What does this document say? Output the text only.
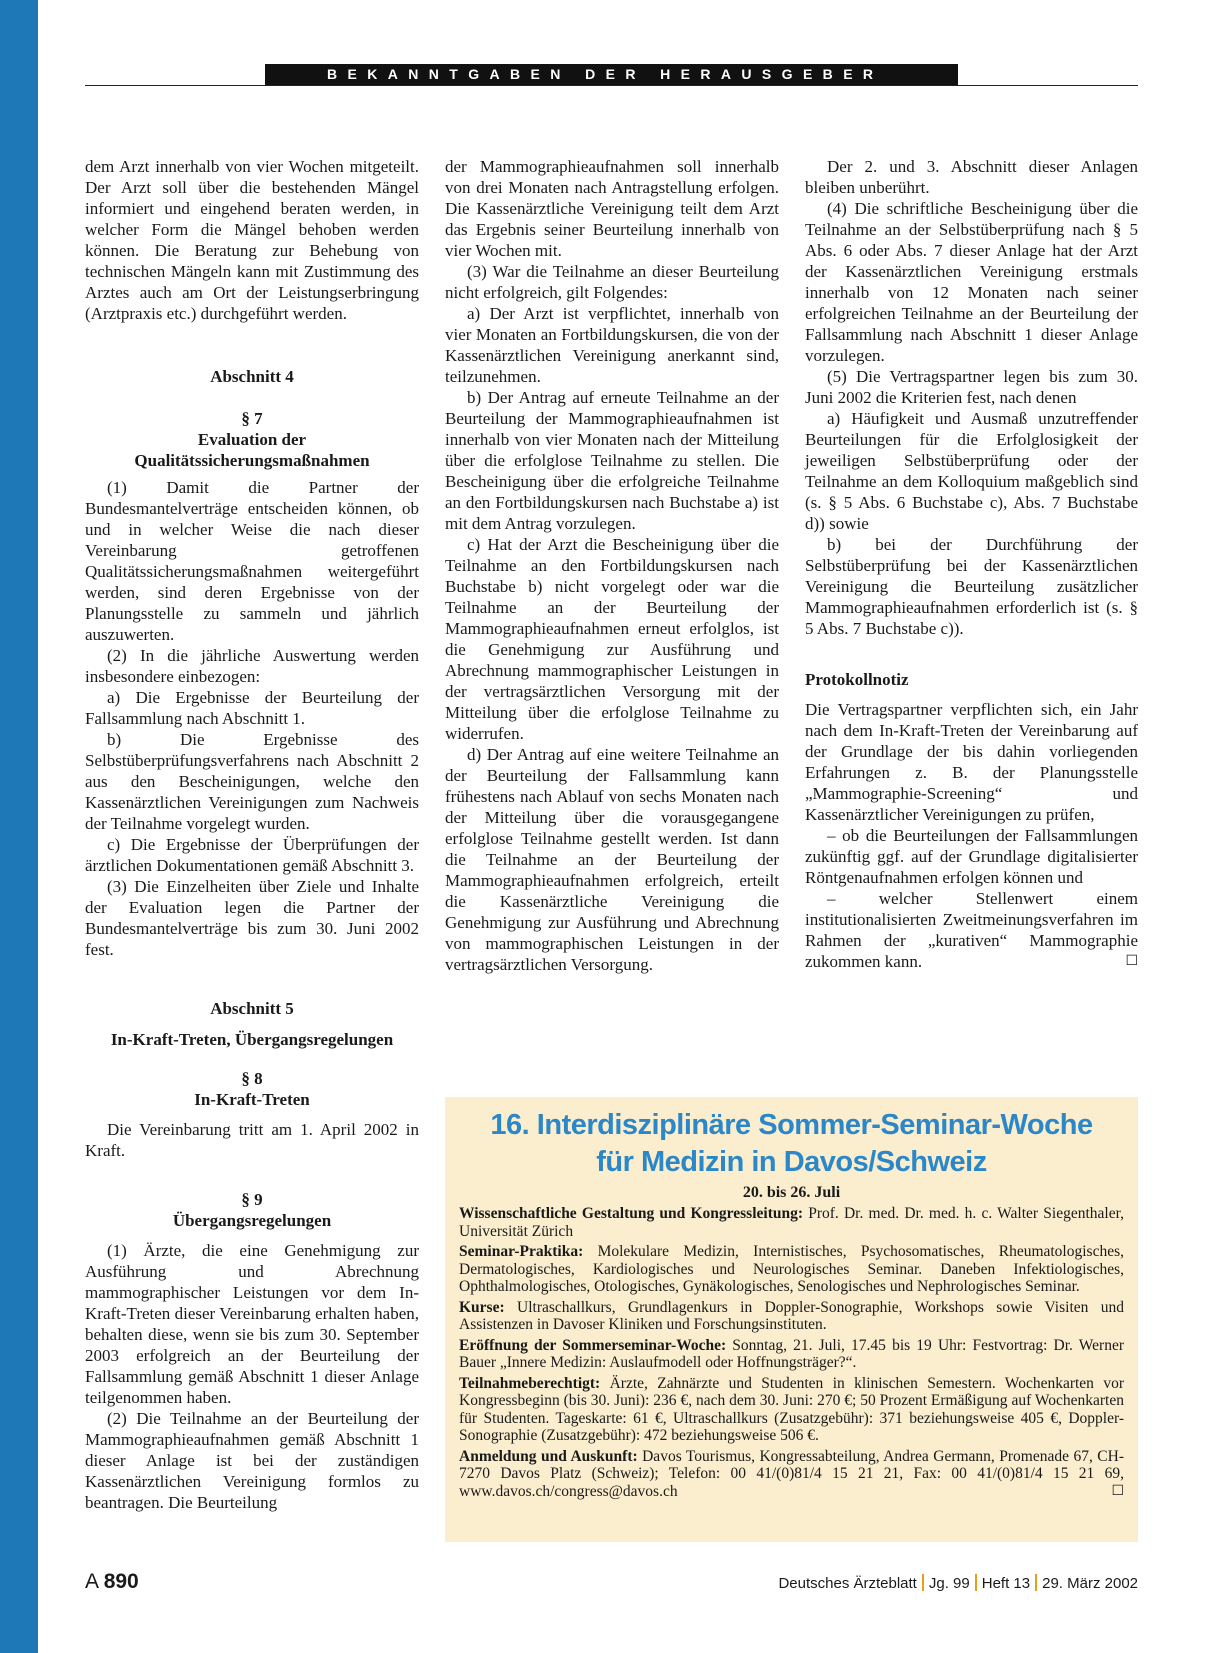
BEKANNTGABEN DER HERAUSGEBER

dem Arzt innerhalb von vier Wochen mitgeteilt. Der Arzt soll über die bestehenden Mängel informiert und eingehend beraten werden, in welcher Form die Mängel behoben werden können. Die Beratung zur Behebung von technischen Mängeln kann mit Zustimmung des Arztes auch am Ort der Leistungserbringung (Arztpraxis etc.) durchgeführt werden.

Abschnitt 4

§ 7

Evaluation der Qualitätssicherungsmaßnahmen

(1) Damit die Partner der Bundesmantelverträge entscheiden können, ob und in welcher Weise die nach dieser Vereinbarung getroffenen Qualitätssicherungsmaßnahmen weitergeführt werden, sind deren Ergebnisse von der Planungsstelle zu sammeln und jährlich auszuwerten.

(2) In die jährliche Auswertung werden insbesondere einbezogen:

a) Die Ergebnisse der Beurteilung der Fallsammlung nach Abschnitt 1.

b) Die Ergebnisse des Selbstüberprüfungsverfahrens nach Abschnitt 2 aus den Bescheinigungen, welche den Kassenärztlichen Vereinigungen zum Nachweis der Teilnahme vorgelegt wurden.

c) Die Ergebnisse der Überprüfungen der ärztlichen Dokumentationen gemäß Abschnitt 3.

(3) Die Einzelheiten über Ziele und Inhalte der Evaluation legen die Partner der Bundesmantelverträge bis zum 30. Juni 2002 fest.

Abschnitt 5

In-Kraft-Treten, Übergangsregelungen

§ 8

In-Kraft-Treten

Die Vereinbarung tritt am 1. April 2002 in Kraft.

§ 9

Übergangsregelungen

(1) Ärzte, die eine Genehmigung zur Ausführung und Abrechnung mammographischer Leistungen vor dem In-Kraft-Treten dieser Vereinbarung erhalten haben, behalten diese, wenn sie bis zum 30. September 2003 erfolgreich an der Beurteilung der Fallsammlung gemäß Abschnitt 1 dieser Anlage teilgenommen haben.

(2) Die Teilnahme an der Beurteilung der Mammographieaufnahmen gemäß Abschnitt 1 dieser Anlage ist bei der zuständigen Kassenärztlichen Vereinigung formlos zu beantragen. Die Beurteilung

der Mammographieaufnahmen soll innerhalb von drei Monaten nach Antragstellung erfolgen. Die Kassenärztliche Vereinigung teilt dem Arzt das Ergebnis seiner Beurteilung innerhalb von vier Wochen mit.

(3) War die Teilnahme an dieser Beurteilung nicht erfolgreich, gilt Folgendes:

a) Der Arzt ist verpflichtet, innerhalb von vier Monaten an Fortbildungskursen, die von der Kassenärztlichen Vereinigung anerkannt sind, teilzunehmen.

b) Der Antrag auf erneute Teilnahme an der Beurteilung der Mammographieaufnahmen ist innerhalb von vier Monaten nach der Mitteilung über die erfolglose Teilnahme zu stellen. Die Bescheinigung über die erfolgreiche Teilnahme an den Fortbildungskursen nach Buchstabe a) ist mit dem Antrag vorzulegen.

c) Hat der Arzt die Bescheinigung über die Teilnahme an den Fortbildungskursen nach Buchstabe b) nicht vorgelegt oder war die Teilnahme an der Beurteilung der Mammographieaufnahmen erneut erfolglos, ist die Genehmigung zur Ausführung und Abrechnung mammographischer Leistungen in der vertragsärztlichen Versorgung mit der Mitteilung über die erfolglose Teilnahme zu widerrufen.

d) Der Antrag auf eine weitere Teilnahme an der Beurteilung der Fallsammlung kann frühestens nach Ablauf von sechs Monaten nach der Mitteilung über die vorausgegangene erfolglose Teilnahme gestellt werden. Ist dann die Teilnahme an der Beurteilung der Mammographieaufnahmen erfolgreich, erteilt die Kassenärztliche Vereinigung die Genehmigung zur Ausführung und Abrechnung von mammographischen Leistungen in der vertragsärztlichen Versorgung.

Der 2. und 3. Abschnitt dieser Anlagen bleiben unberührt.

(4) Die schriftliche Bescheinigung über die Teilnahme an der Selbstüberprüfung nach § 5 Abs. 6 oder Abs. 7 dieser Anlage hat der Arzt der Kassenärztlichen Vereinigung erstmals innerhalb von 12 Monaten nach seiner erfolgreichen Teilnahme an der Beurteilung der Fallsammlung nach Abschnitt 1 dieser Anlage vorzulegen.

(5) Die Vertragspartner legen bis zum 30. Juni 2002 die Kriterien fest, nach denen

a) Häufigkeit und Ausmaß unzutreffender Beurteilungen für die Erfolglosigkeit der jeweiligen Selbstüberprüfung oder der Teilnahme an dem Kolloquium maßgeblich sind (s. § 5 Abs. 6 Buchstabe c), Abs. 7 Buchstabe d)) sowie

b) bei der Durchführung der Selbstüberprüfung bei der Kassenärztlichen Vereinigung die Beurteilung zusätzlicher Mammographieaufnahmen erforderlich ist (s. § 5 Abs. 7 Buchstabe c)).

Protokollnotiz

Die Vertragspartner verpflichten sich, ein Jahr nach dem In-Kraft-Treten der Vereinbarung auf der Grundlage der bis dahin vorliegenden Erfahrungen z. B. der Planungsstelle „Mammographie-Screening“ und Kassenärztlicher Vereinigungen zu prüfen,

– ob die Beurteilungen der Fallsammlungen zukünftig ggf. auf der Grundlage digitalisierter Röntgenaufnahmen erfolgen können und

– welcher Stellenwert einem institutionalisierten Zweitmeinungsverfahren im Rahmen der „kurativen“ Mammographie zukommen kann.	☐

16. Interdisziplinäre Sommer-Seminar-Woche

für Medizin in Davos/Schweiz

20. bis 26. Juli

Wissenschaftliche Gestaltung und Kongressleitung: Prof. Dr. med. Dr. med. h. c. Walter Siegenthaler, Universität Zürich

Seminar-Praktika: Molekulare Medizin, Internistisches, Psychosomatisches, Rheumatologisches, Dermatologisches, Kardiologisches und Neurologisches Seminar. Daneben Infektiologisches, Ophthalmologisches, Otologisches, Gynäkologisches, Senologisches und Nephrologisches Seminar.

Kurse: Ultraschallkurs, Grundlagenkurs in Doppler-Sonographie, Workshops sowie Visiten und Assistenzen in Davoser Kliniken und Forschungsinstituten.

Eröffnung der Sommerseminar-Woche: Sonntag, 21. Juli, 17.45 bis 19 Uhr: Festvortrag: Dr. Werner Bauer „Innere Medizin: Auslaufmodell oder Hoffnungsträger?“.

Teilnahmeberechtigt: Ärzte, Zahnärzte und Studenten in klinischen Semestern. Wochenkarten vor Kongressbeginn (bis 30. Juni): 236 €, nach dem 30. Juni: 270 €; 50 Prozent Ermäßigung auf Wochenkarten für Studenten. Tageskarte: 61 €, Ultraschallkurs (Zusatzgebühr): 371 beziehungsweise 405 €, Doppler-Sonographie (Zusatzgebühr): 472 beziehungsweise 506 €.

Anmeldung und Auskunft: Davos Tourismus, Kongressabteilung, Andrea Germann, Promenade 67, CH-7270 Davos Platz (Schweiz); Telefon: 00 41/(0)81/4 15 21 21, Fax: 00 41/(0)81/4 15 21 69, www.davos.ch/congress@davos.ch	☐

A 890	Deutsches Ärzteblatt Jg. 99 Heft 13 29. März 2002
